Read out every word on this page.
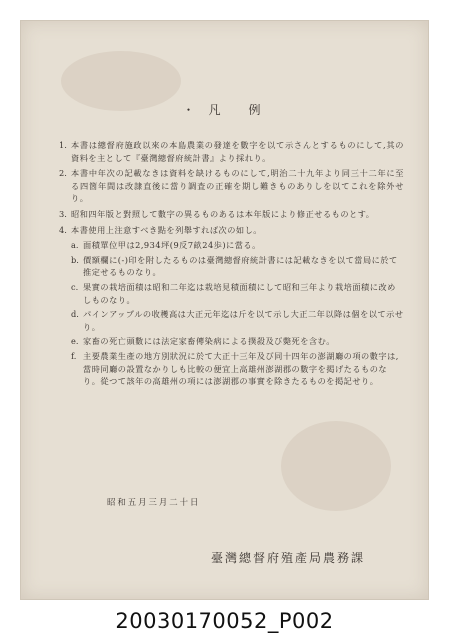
・ 凡　例
1. 本書は總督府施政以來の本島農業の發達を數字を以て示さんとするものにして,其の資料を主として『臺灣總督府統計書』より採れり。
2. 本書中年次の記載なきは資料を缺けるものにして,明治二十九年より同三十二年に至る四箇年間は改隷直後に當り調査の正確を期し難きものありしを以てこれを除外せり。
3. 昭和四年版と對照して數字の異るものあるは本年版により修正せるものとす。
4. 本書使用上注意すべき點を列舉すれば次の如し。
a. 面積單位甲は2,934坪(9反7畝24歩)に當る。
b. 價額欄に(-)印を附したるものは臺灣總督府統計書には記載なきを以て當局に於て推定せるものなり。
c. 果實の栽培面積は昭和二年迄は栽培見積面積にして昭和三年より栽培面積に改めしものなり。
d. パインアップルの收穫高は大正元年迄は斤を以て示し大正二年以降は個を以て示せり。
e. 家畜の死亡頭數には法定家畜傳染病による撲殺及び斃死を含む。
f. 主要農業生產の地方別狀況に於て大正十三年及び同十四年の澎湖廳の項の數字は,當時同廳の設置なかりしも比較の便宜上高雄州澎湖郡の數字を掲げたるものなり。從つて該年の高雄州の項には澎湖郡の事實を除きたるものを掲記せり。
昭和五月三月二十日
臺灣總督府殖產局農務課
20030170052_P002
